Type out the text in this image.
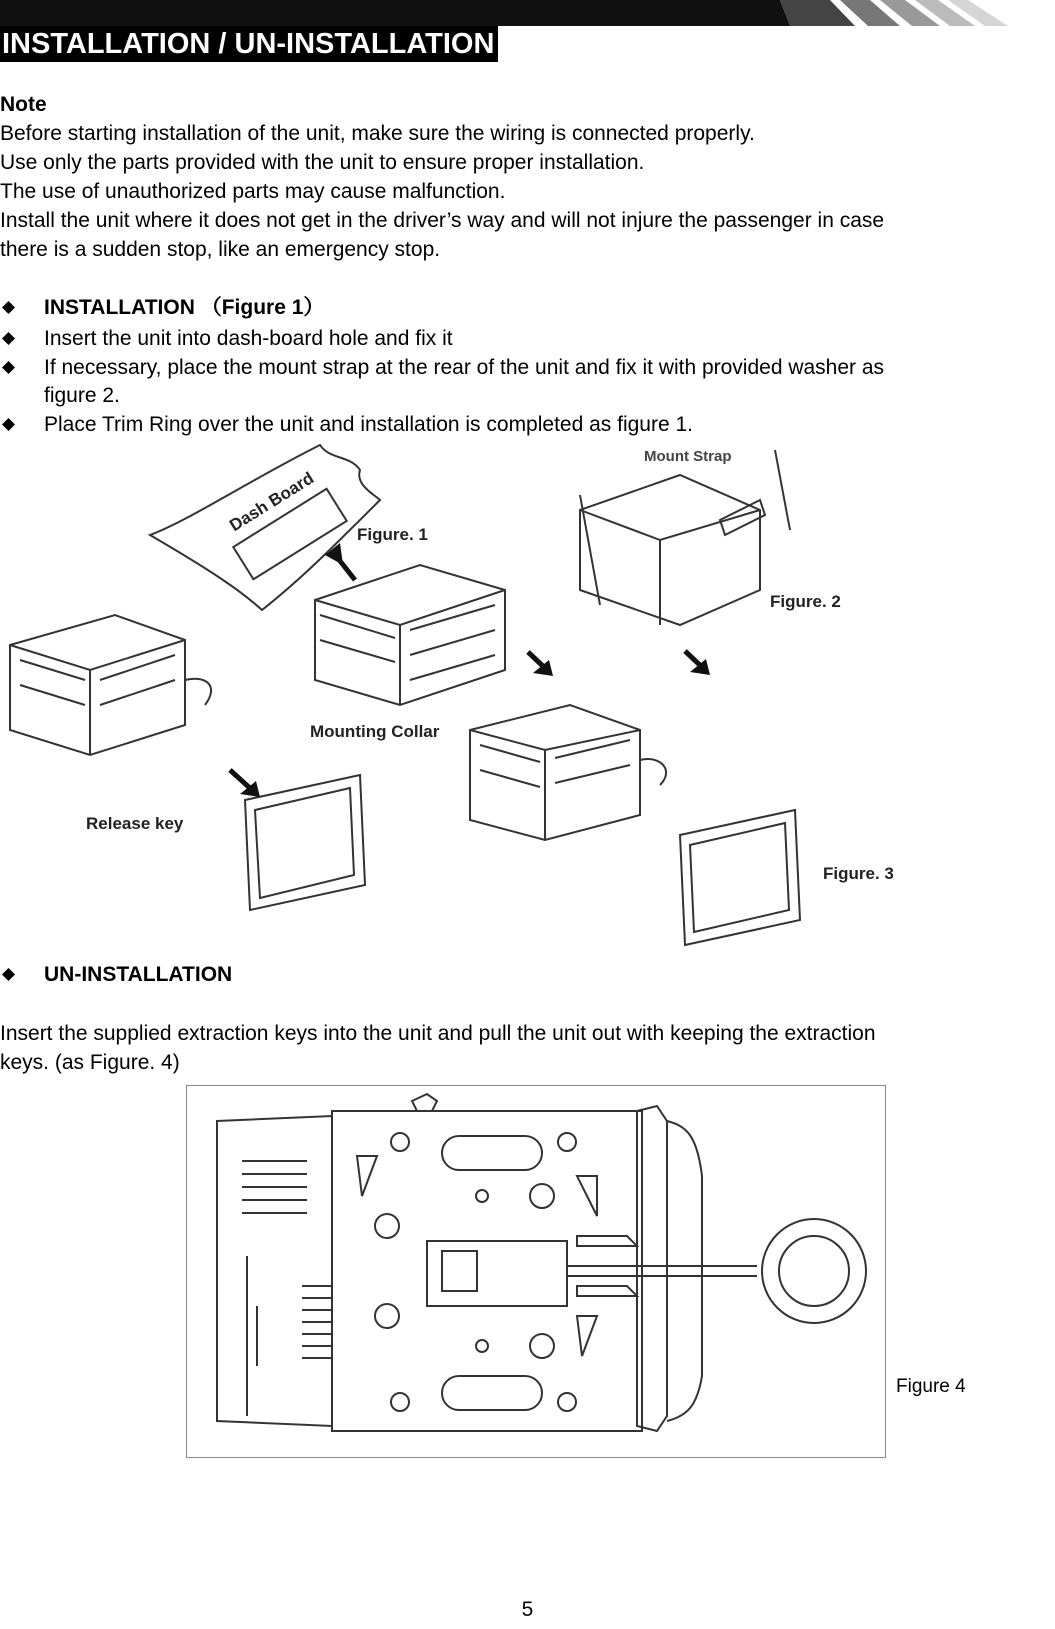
INSTALLATION / UN-INSTALLATION
Note
Before starting installation of the unit, make sure the wiring is connected properly.
Use only the parts provided with the unit to ensure proper installation.
The use of unauthorized parts may cause malfunction.
Install the unit where it does not get in the driver’s way and will not injure the passenger in case
there is a sudden stop, like an emergency stop.
INSTALLATION （Figure 1）
Insert the unit into dash-board hole and fix it
If necessary, place the mount strap at the rear of the unit and fix it with provided washer as
figure 2.
Place Trim Ring over the unit and installation is completed as figure 1.
Dash Board Figure. 1
Mount Strap
Figure. 2
Mounting Collar
Release key
Figure. 3
UN-INSTALLATION
Insert the supplied extraction keys into the unit and pull the unit out with keeping the extraction
keys. (as Figure. 4)
Figure 4
5
